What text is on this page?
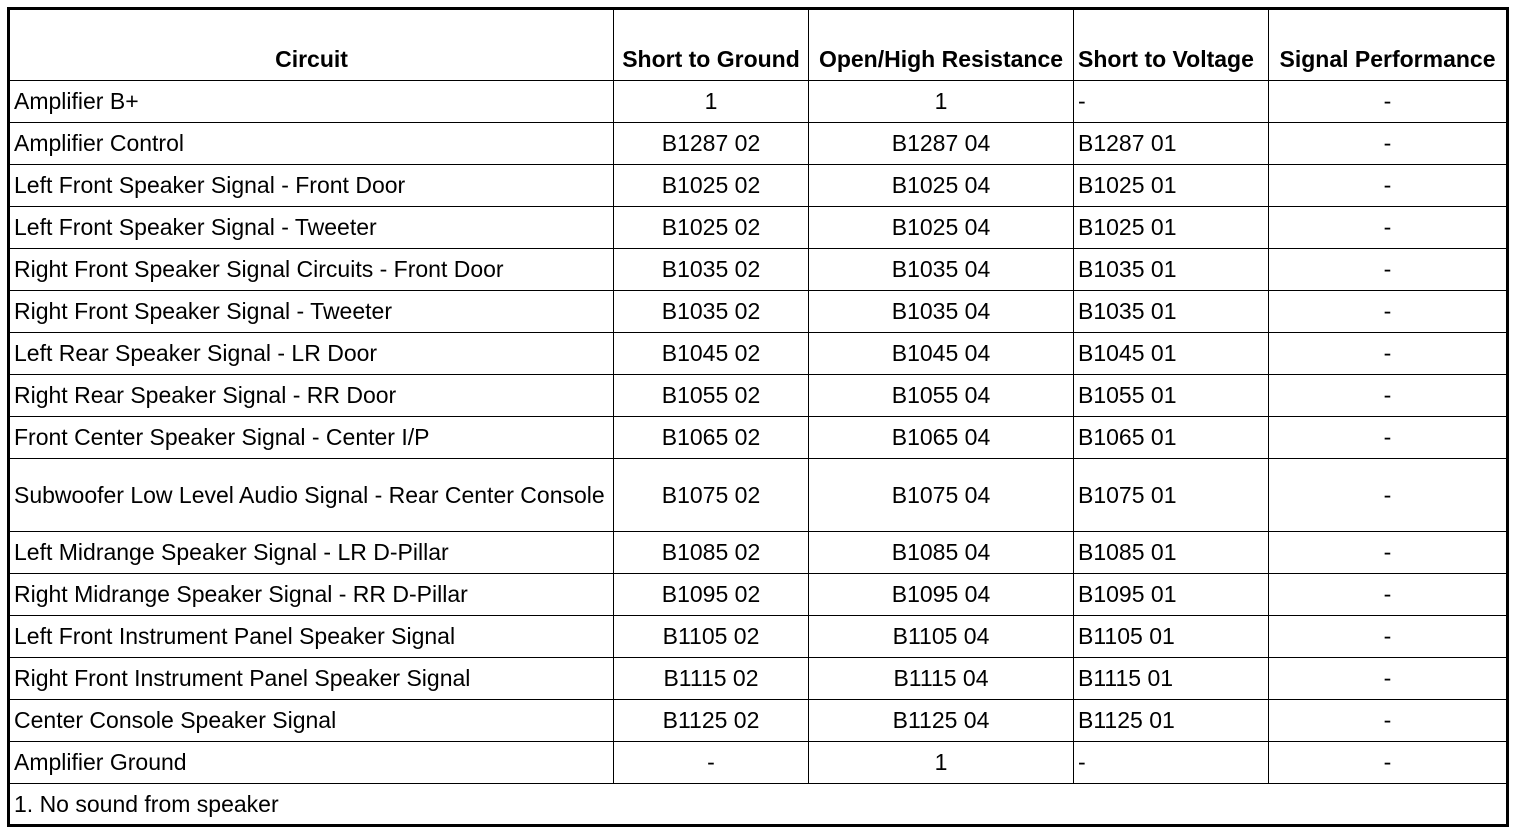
Circuit	Short to Ground	Open/High Resistance	Short to Voltage	Signal Performance
Amplifier B+	1	1	-	-
Amplifier Control	B1287 02	B1287 04	B1287 01	-
Left Front Speaker Signal - Front Door	B1025 02	B1025 04	B1025 01	-
Left Front Speaker Signal - Tweeter	B1025 02	B1025 04	B1025 01	-
Right Front Speaker Signal Circuits - Front Door	B1035 02	B1035 04	B1035 01	-
Right Front Speaker Signal - Tweeter	B1035 02	B1035 04	B1035 01	-
Left Rear Speaker Signal - LR Door	B1045 02	B1045 04	B1045 01	-
Right Rear Speaker Signal - RR Door	B1055 02	B1055 04	B1055 01	-
Front Center Speaker Signal - Center I/P	B1065 02	B1065 04	B1065 01	-
Subwoofer Low Level Audio Signal - Rear Center Console	B1075 02	B1075 04	B1075 01	-
Left Midrange Speaker Signal - LR D-Pillar	B1085 02	B1085 04	B1085 01	-
Right Midrange Speaker Signal - RR D-Pillar	B1095 02	B1095 04	B1095 01	-
Left Front Instrument Panel Speaker Signal	B1105 02	B1105 04	B1105 01	-
Right Front Instrument Panel Speaker Signal	B1115 02	B1115 04	B1115 01	-
Center Console Speaker Signal	B1125 02	B1125 04	B1125 01	-
Amplifier Ground	-	1	-	-
1. No sound from speaker				
